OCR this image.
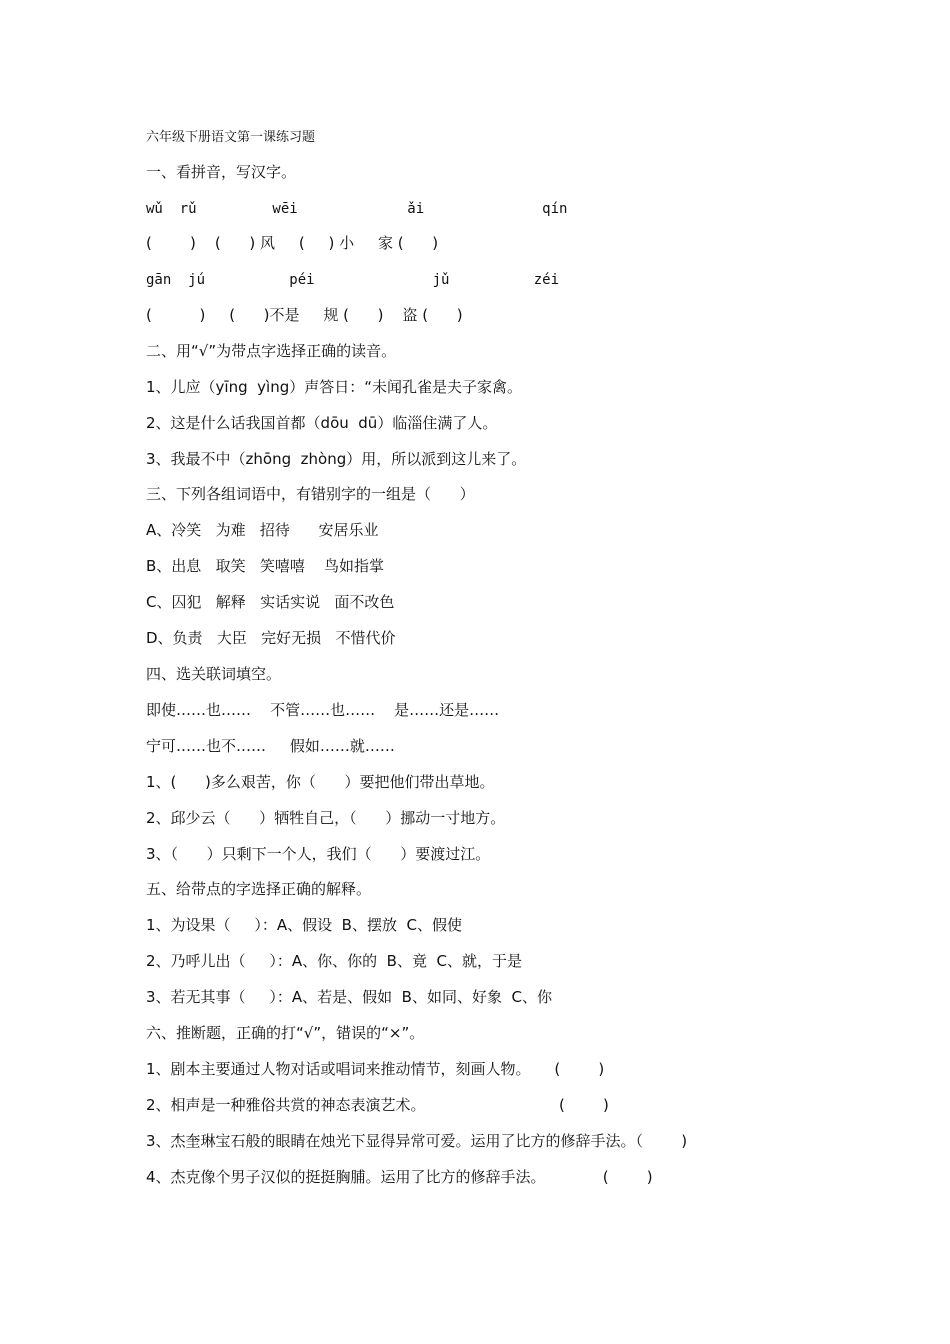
六年级下册语文第一课练习题
一、看拼音，写汉字。
wǔ  rǔ         wēi             ǎi              qín
(        )    (      ) 风     (     ) 小     家 (      )
gān  jú          péi              jǔ          zéi
(          )     (      )不是     规 (      )    盗 (      )
二、用“√”为带点字选择正确的读音。
1、儿应（yīng  yìng）声答日：“未闻孔雀是夫子家禽。
2、这是什么话我国首都（dōu  dū）临淄住满了人。
3、我最不中（zhōng  zhòng）用，所以派到这儿来了。
三、下列各组词语中，有错别字的一组是（      ）
A、冷笑   为难   招待      安居乐业
B、出息   取笑   笑嘻嘻    鸟如指掌
C、囚犯   解释   实话实说   面不改色
D、负责   大臣   完好无损   不惜代价
四、选关联词填空。
即使……也……    不管……也……    是……还是……
宁可……也不……     假如……就……
1、(      )多么艰苦，你（      ）要把他们带出草地。
2、邱少云（      ）牺牲自己，（      ）挪动一寸地方。
3、（      ）只剩下一个人，我们（      ）要渡过江。
五、给带点的字选择正确的解释。
1、为设果（     ）：A、假设  B、摆放  C、假使
2、乃呼儿出（     ）：A、你、你的  B、竟  C、就，于是
3、若无其事（     ）：A、若是、假如  B、如同、好象  C、你
六、推断题，正确的打“√”，错误的“×”。
1、剧本主要通过人物对话或唱词来推动情节，刻画人物。     (        )
2、相声是一种雅俗共赏的神态表演艺术。                            (        )
3、杰奎琳宝石般的眼睛在烛光下显得异常可爱。运用了比方的修辞手法。（        )
4、杰克像个男子汉似的挺挺胸脯。运用了比方的修辞手法。            (        )
